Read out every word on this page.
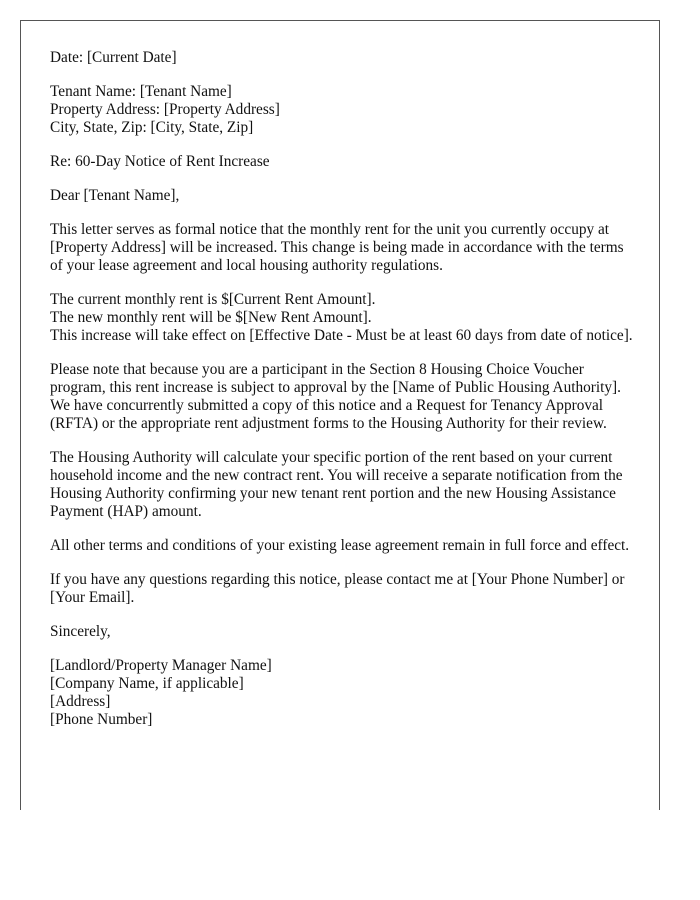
Date: [Current Date]
Tenant Name: [Tenant Name]
Property Address: [Property Address]
City, State, Zip: [City, State, Zip]
Re: 60-Day Notice of Rent Increase
Dear [Tenant Name],
This letter serves as formal notice that the monthly rent for the unit you currently occupy at [Property Address] will be increased. This change is being made in accordance with the terms of your lease agreement and local housing authority regulations.
The current monthly rent is $[Current Rent Amount].
The new monthly rent will be $[New Rent Amount].
This increase will take effect on [Effective Date - Must be at least 60 days from date of notice].
Please note that because you are a participant in the Section 8 Housing Choice Voucher program, this rent increase is subject to approval by the [Name of Public Housing Authority]. We have concurrently submitted a copy of this notice and a Request for Tenancy Approval (RFTA) or the appropriate rent adjustment forms to the Housing Authority for their review.
The Housing Authority will calculate your specific portion of the rent based on your current household income and the new contract rent. You will receive a separate notification from the Housing Authority confirming your new tenant rent portion and the new Housing Assistance Payment (HAP) amount.
All other terms and conditions of your existing lease agreement remain in full force and effect.
If you have any questions regarding this notice, please contact me at [Your Phone Number] or [Your Email].
Sincerely,
[Landlord/Property Manager Name]
[Company Name, if applicable]
[Address]
[Phone Number]
